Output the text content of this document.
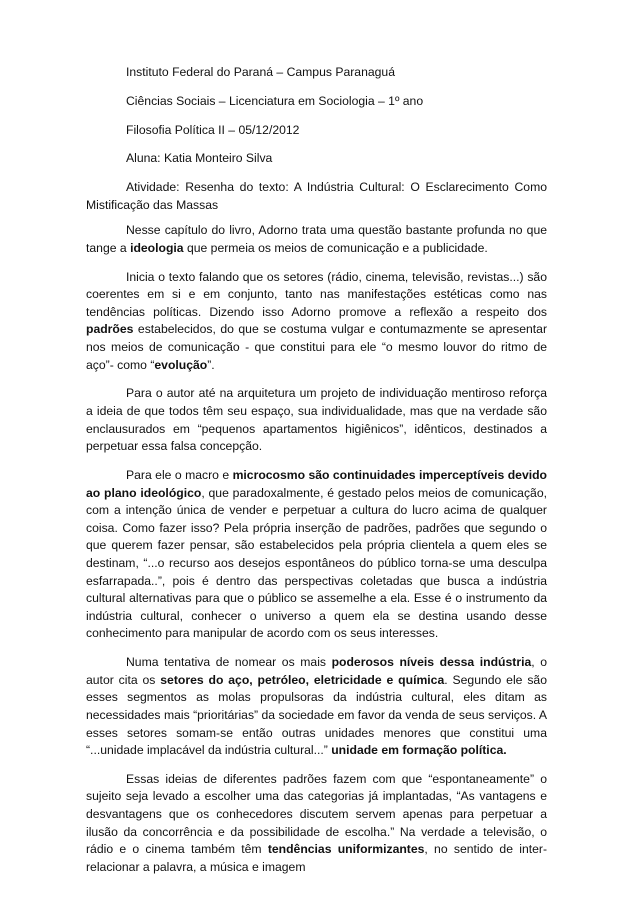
Instituto Federal do Paraná – Campus Paranaguá
Ciências Sociais – Licenciatura em Sociologia – 1º ano
Filosofia Política II – 05/12/2012
Aluna: Katia Monteiro Silva
Atividade: Resenha do texto: A Indústria Cultural: O Esclarecimento Como Mistificação das Massas
Nesse capítulo do livro, Adorno trata uma questão bastante profunda no que tange a ideologia que permeia os meios de comunicação e a publicidade.
Inicia o texto falando que os setores (rádio, cinema, televisão, revistas...) são coerentes em si e em conjunto, tanto nas manifestações estéticas como nas tendências políticas. Dizendo isso Adorno promove a reflexão a respeito dos padrões estabelecidos, do que se costuma vulgar e contumazmente se apresentar nos meios de comunicação - que constitui para ele “o mesmo louvor do ritmo de aço”- como “evolução”.
Para o autor até na arquitetura um projeto de individuação mentiroso reforça a ideia de que todos têm seu espaço, sua individualidade, mas que na verdade são enclausurados em “pequenos apartamentos higiênicos”, idênticos, destinados a perpetuar essa falsa concepção.
Para ele o macro e microcosmo são continuidades imperceptíveis devido ao plano ideológico, que paradoxalmente, é gestado pelos meios de comunicação, com a intenção única de vender e perpetuar a cultura do lucro acima de qualquer coisa. Como fazer isso? Pela própria inserção de padrões, padrões que segundo o que querem fazer pensar, são estabelecidos pela própria clientela a quem eles se destinam, “...o recurso aos desejos espontâneos do público torna-se uma desculpa esfarrapada..”, pois é dentro das perspectivas coletadas que busca a indústria cultural alternativas para que o público se assemelhe a ela. Esse é o instrumento da indústria cultural, conhecer o universo a quem ela se destina usando desse conhecimento para manipular de acordo com os seus interesses.
Numa tentativa de nomear os mais poderosos níveis dessa indústria, o autor cita os setores do aço, petróleo, eletricidade e química. Segundo ele são esses segmentos as molas propulsoras da indústria cultural, eles ditam as necessidades mais “prioritárias” da sociedade em favor da venda de seus serviços. A esses setores somam-se então outras unidades menores que constitui uma “...unidade implacável da indústria cultural...” unidade em formação política.
Essas ideias de diferentes padrões fazem com que “espontaneamente” o sujeito seja levado a escolher uma das categorias já implantadas, “As vantagens e desvantagens que os conhecedores discutem servem apenas para perpetuar a ilusão da concorrência e da possibilidade de escolha.” Na verdade a televisão, o rádio e o cinema também têm tendências uniformizantes, no sentido de inter-relacionar a palavra, a música e imagem
